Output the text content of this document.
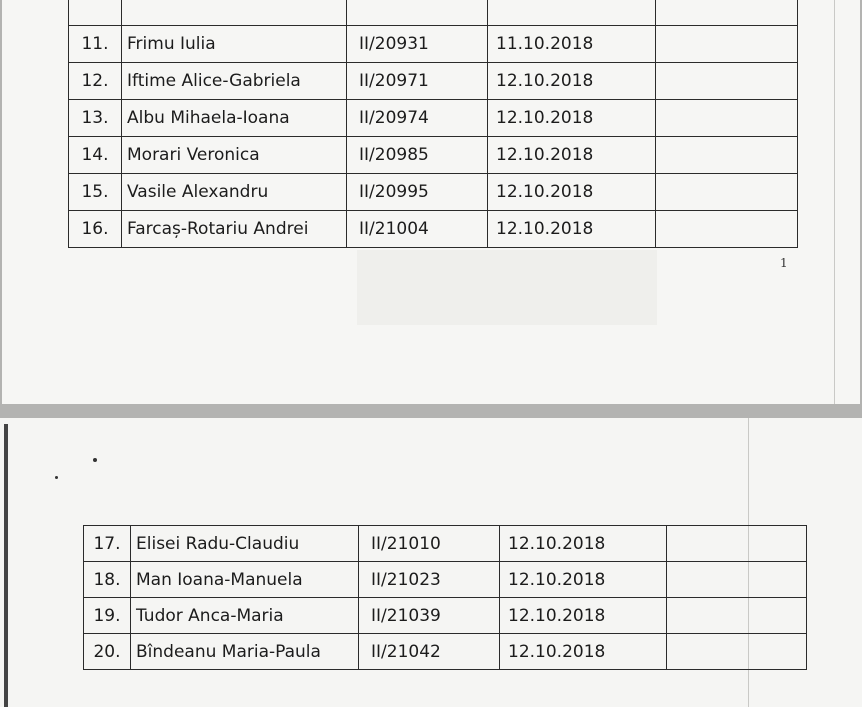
11.	Frimu Iulia	II/20931	11.10.2018	
12.	Iftime Alice-Gabriela	II/20971	12.10.2018	
13.	Albu Mihaela-Ioana	II/20974	12.10.2018	
14.	Morari Veronica	II/20985	12.10.2018	
15.	Vasile Alexandru	II/20995	12.10.2018	
16.	Farcaș-Rotariu Andrei	II/21004	12.10.2018	
1
17.	Elisei Radu-Claudiu	II/21010	12.10.2018	
18.	Man Ioana-Manuela	II/21023	12.10.2018	
19.	Tudor Anca-Maria	II/21039	12.10.2018	
20.	Bîndeanu Maria-Paula	II/21042	12.10.2018	
